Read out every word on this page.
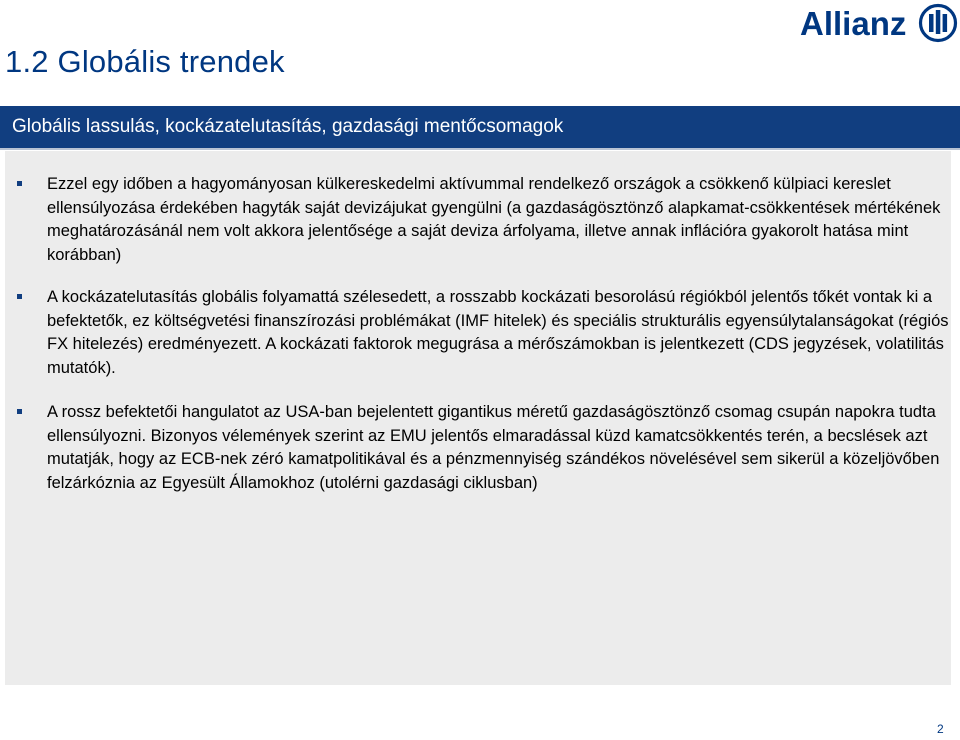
1.2 Globális trendek
Allianz
Globális lassulás, kockázatelutasítás, gazdasági mentőcsomagok
Ezzel egy időben a hagyományosan külkereskedelmi aktívummal rendelkező országok a csökkenő külpiaci kereslet ellensúlyozása érdekében hagyták saját devizájukat gyengülni (a gazdaságösztönző alapkamat-csökkentések mértékének meghatározásánál nem volt akkora jelentősége a saját deviza árfolyama, illetve annak inflációra gyakorolt hatása mint korábban)
A kockázatelutasítás globális folyamattá szélesedett, a rosszabb kockázati besorolású régiókból jelentős tőkét vontak ki a befektetők, ez költségvetési finanszírozási problémákat (IMF hitelek) és speciális strukturális egyensúlytalanságokat (régiós FX hitelezés) eredményezett. A kockázati faktorok megugrása a mérőszámokban is jelentkezett (CDS jegyzések, volatilitás mutatók).
A rossz befektetői hangulatot az USA-ban bejelentett gigantikus méretű gazdaságösztönző csomag csupán napokra tudta ellensúlyozni. Bizonyos vélemények szerint az EMU jelentős elmaradással küzd kamatcsökkentés terén, a becslések azt mutatják, hogy az ECB-nek zéró kamatpolitikával és a pénzmennyiség szándékos növelésével sem sikerül a közeljövőben felzárkóznia az Egyesült Államokhoz (utolérni gazdasági ciklusban)
2
